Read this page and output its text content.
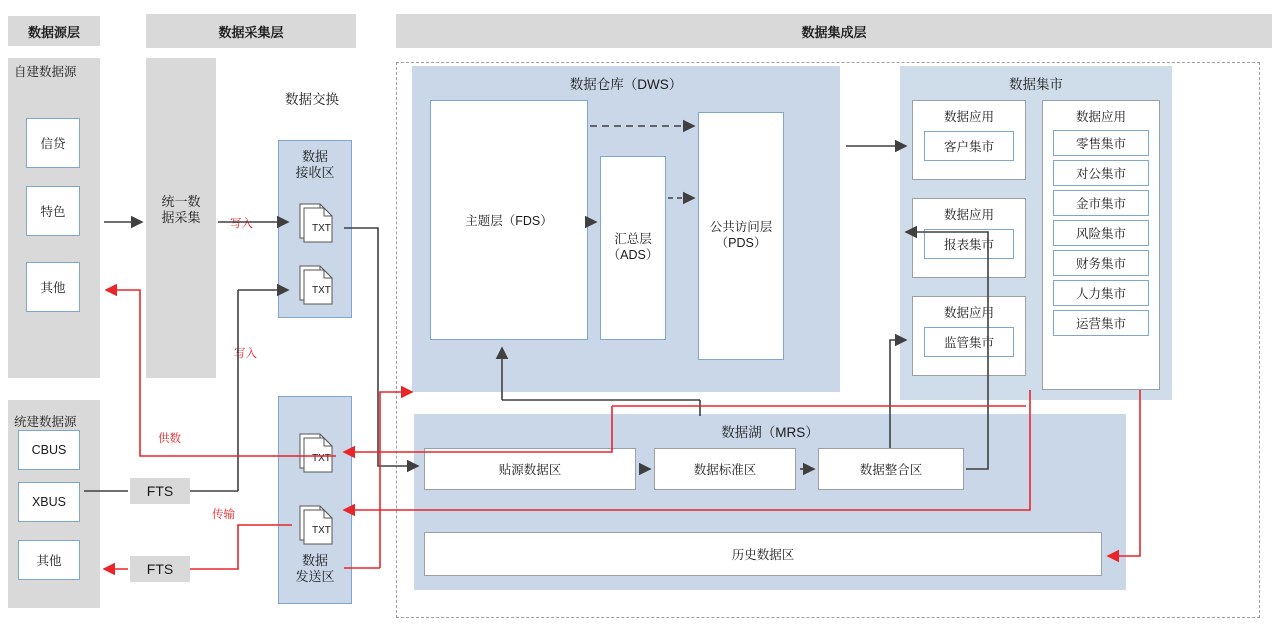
数据源层	数据采集层	数据集成层
自建数据源
信贷
特色
其他
统建数据源
CBUS
XBUS
其他
统一数
据采集
数据交换
数据
接收区
数据
发送区
FTS
FTS
数据仓库（DWS）
主题层（FDS）
汇总层
（ADS）
公共访问层
（PDS）
数据集市
数据应用
客户集市
数据应用
报表集市
数据应用
监管集市
数据应用
零售集市
对公集市
金市集市
风险集市
财务集市
人力集市
运营集市
数据湖（MRS）
贴源数据区	数据标准区	数据整合区
历史数据区
写入
写入
供数
传输
TXT
TXT
TXT
TXT
